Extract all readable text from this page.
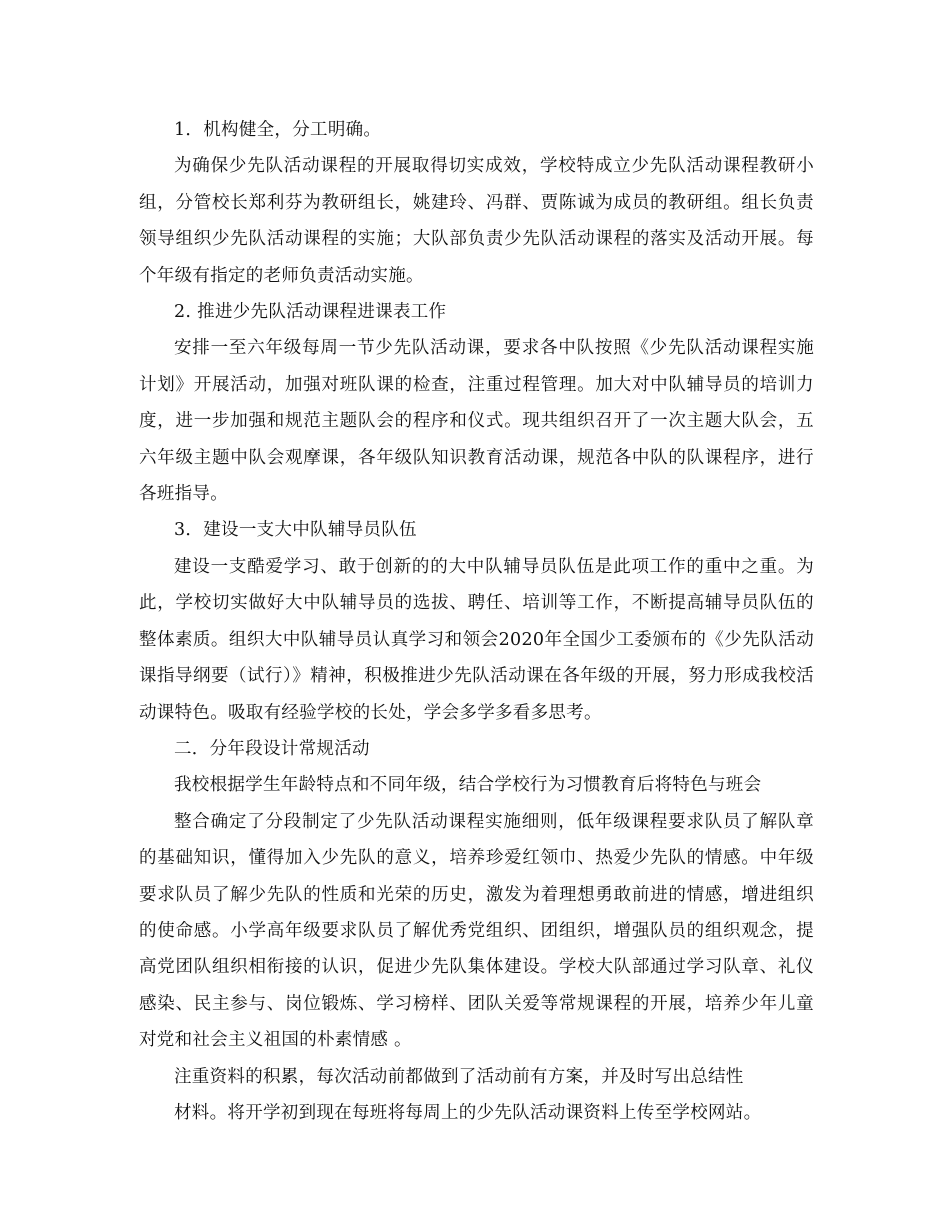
1．机构健全，分工明确。

为确保少先队活动课程的开展取得切实成效，学校特成立少先队活动课程教研小组，分管校长郑利芬为教研组长，姚建玲、冯群、贾陈诚为成员的教研组。组长负责领导组织少先队活动课程的实施；大队部负责少先队活动课程的落实及活动开展。每个年级有指定的老师负责活动实施。

2. 推进少先队活动课程进课表工作

安排一至六年级每周一节少先队活动课，要求各中队按照《少先队活动课程实施计划》开展活动，加强对班队课的检查，注重过程管理。加大对中队辅导员的培训力度，进一步加强和规范主题队会的程序和仪式。现共组织召开了一次主题大队会，五六年级主题中队会观摩课，各年级队知识教育活动课，规范各中队的队课程序，进行各班指导。

3．建设一支大中队辅导员队伍

建设一支酷爱学习、敢于创新的的大中队辅导员队伍是此项工作的重中之重。为此，学校切实做好大中队辅导员的选拔、聘任、培训等工作，不断提高辅导员队伍的整体素质。组织大中队辅导员认真学习和领会2020年全国少工委颁布的《少先队活动课指导纲要（试行）》精神，积极推进少先队活动课在各年级的开展，努力形成我校活动课特色。吸取有经验学校的长处，学会多学多看多思考。

二．分年段设计常规活动

我校根据学生年龄特点和不同年级，结合学校行为习惯教育后将特色与班会

整合确定了分段制定了少先队活动课程实施细则，低年级课程要求队员了解队章的基础知识，懂得加入少先队的意义，培养珍爱红领巾、热爱少先队的情感。中年级要求队员了解少先队的性质和光荣的历史，激发为着理想勇敢前进的情感，增进组织的使命感。小学高年级要求队员了解优秀党组织、团组织，增强队员的组织观念，提高党团队组织相衔接的认识，促进少先队集体建设。学校大队部通过学习队章、礼仪感染、民主参与、岗位锻炼、学习榜样、团队关爱等常规课程的开展，培养少年儿童对党和社会主义祖国的朴素情感 。

注重资料的积累，每次活动前都做到了活动前有方案，并及时写出总结性

材料。将开学初到现在每班将每周上的少先队活动课资料上传至学校网站。
